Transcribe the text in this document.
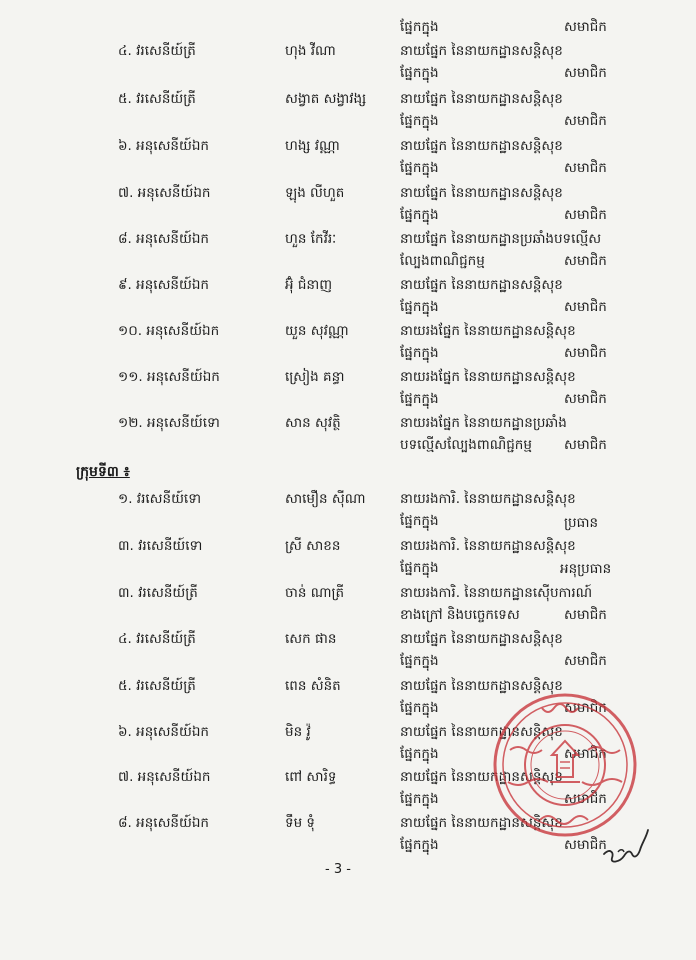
ផ្នែកក្នុង	សមាជិក
៤. វរសេនីយ៍ត្រី	ហុង វីណា	នាយផ្នែក នៃនាយកដ្ឋានសន្តិសុខ
ផ្នែកក្នុង	សមាជិក
៥. វរសេនីយ៍ត្រី	សង្វាត សង្វាវង្ស	នាយផ្នែក នៃនាយកដ្ឋានសន្តិសុខ
ផ្នែកក្នុង	សមាជិក
៦. អនុសេនីយ៍ឯក	ហង្ស វណ្ណា	នាយផ្នែក នៃនាយកដ្ឋានសន្តិសុខ
ផ្នែកក្នុង	សមាជិក
៧. អនុសេនីយ៍ឯក	ឡុង លីហួត	នាយផ្នែក នៃនាយកដ្ឋានសន្តិសុខ
ផ្នែកក្នុង	សមាជិក
៨. អនុសេនីយ៍ឯក	ហួន កែវីរៈ	នាយផ្នែក នៃនាយកដ្ឋានប្រឆាំងបទល្មើស
ល្បែងពាណិជ្ជកម្ម	សមាជិក
៩. អនុសេនីយ៍ឯក	អ៊ុំ ជំនាញ	នាយផ្នែក នៃនាយកដ្ឋានសន្តិសុខ
ផ្នែកក្នុង	សមាជិក
១០. អនុសេនីយ៍ឯក	យួន សុវណ្ណា	នាយរងផ្នែក នៃនាយកដ្ឋានសន្តិសុខ
ផ្នែកក្នុង	សមាជិក
១១. អនុសេនីយ៍ឯក	ស្រៀង គន្ធា	នាយរងផ្នែក នៃនាយកដ្ឋានសន្តិសុខ
ផ្នែកក្នុង	សមាជិក
១២. អនុសេនីយ៍ទោ	សាន សុវត្ថិ	នាយរងផ្នែក នៃនាយកដ្ឋានប្រឆាំង
បទល្មើសល្បែងពាណិជ្ជកម្ម សមាជិក
ក្រុមទី៣ ៖
១. វរសេនីយ៍ទោ	សាមឿន ស៊ីណា	នាយរងការិ. នៃនាយកដ្ឋានសន្តិសុខ
ផ្នែកក្នុង	ប្រធាន
៣. វរសេនីយ៍ទោ	ស្រី សាខន	នាយរងការិ. នៃនាយកដ្ឋានសន្តិសុខ
ផ្នែកក្នុង	អនុប្រធាន
៣. វរសេនីយ៍ត្រី	ចាន់ ណាត្រី	នាយរងការិ. នៃនាយកដ្ឋានស៊ើបការណ៍
ខាងក្រៅ និងបច្ចេកទេស	សមាជិក
៤. វរសេនីយ៍ត្រី	សេក ផាន	នាយផ្នែក នៃនាយកដ្ឋានសន្តិសុខ
ផ្នែកក្នុង	សមាជិក
៥. វរសេនីយ៍ត្រី	ពេន សំនិត	នាយផ្នែក នៃនាយកដ្ឋានសន្តិសុខ
ផ្នែកក្នុង	សមាជិក
៦. អនុសេនីយ៍ឯក	មិន វ៉ូ	នាយផ្នែក នៃនាយកដ្ឋានសន្តិសុខ
ផ្នែកក្នុង	សមាជិក
៧. អនុសេនីយ៍ឯក	ពៅ សារិទ្ធ	នាយផ្នែក នៃនាយកដ្ឋានសន្តិសុខ
ផ្នែកក្នុង	សមាជិក
៨. អនុសេនីយ៍ឯក	ទឹម ទុំ	នាយផ្នែក នៃនាយកដ្ឋានសន្តិសុខ
ផ្នែកក្នុង	សមាជិក
- 3 -
